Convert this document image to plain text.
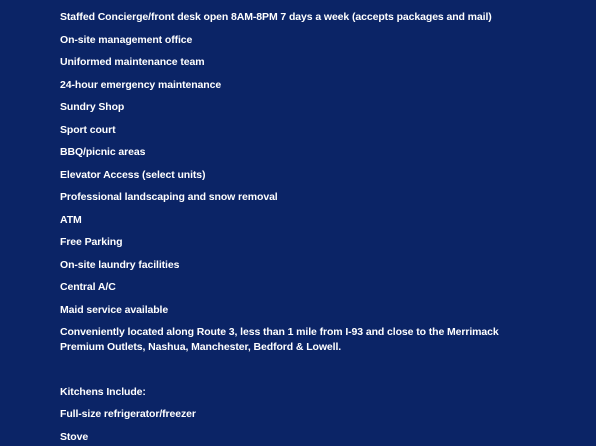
Staffed Concierge/front desk open 8AM-8PM 7 days a week (accepts packages and mail)
On-site management office
Uniformed maintenance team
24-hour emergency maintenance
Sundry Shop
Sport court
BBQ/picnic areas
Elevator Access (select units)
Professional landscaping and snow removal
ATM
Free Parking
On-site laundry facilities
Central A/C
Maid service available
Conveniently located along Route 3, less than 1 mile from I-93 and close to the Merrimack Premium Outlets, Nashua, Manchester, Bedford & Lowell.
Kitchens Include:
Full-size refrigerator/freezer
Stove
